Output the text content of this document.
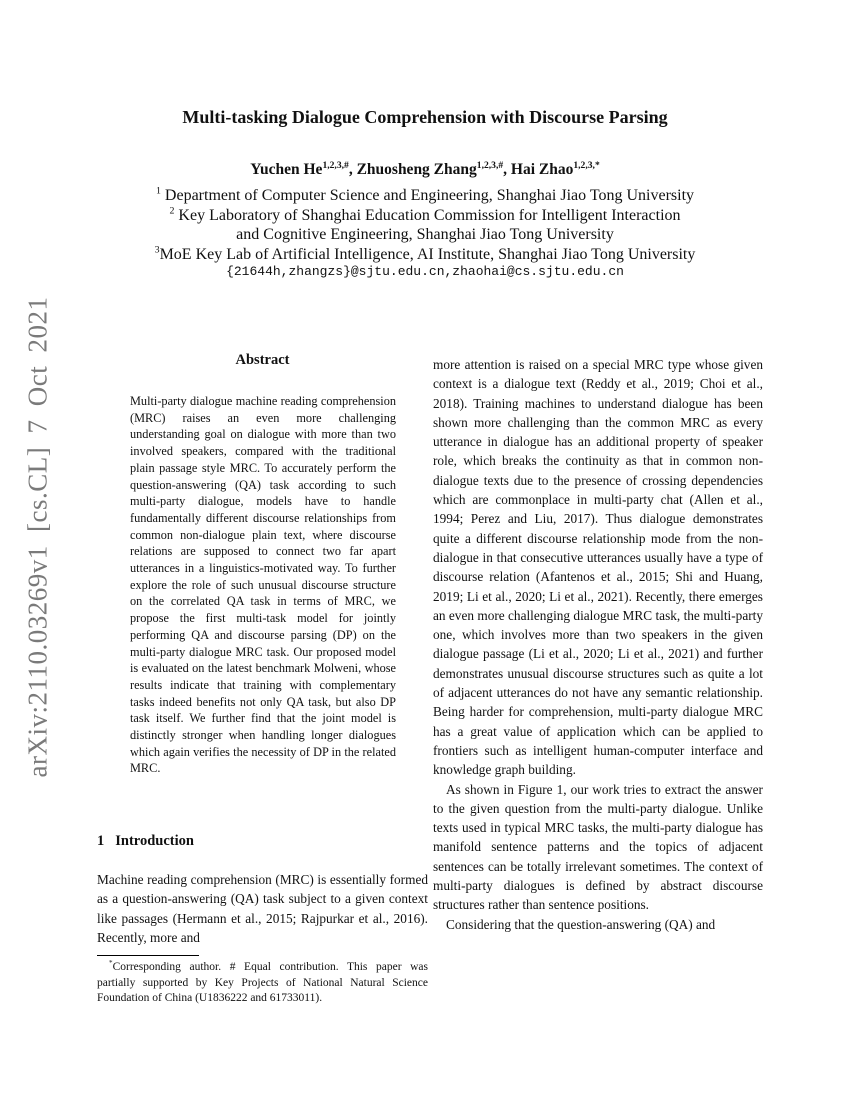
arXiv:2110.03269v1 [cs.CL] 7 Oct 2021
Multi-tasking Dialogue Comprehension with Discourse Parsing
Yuchen $He^{1,2,3,\#}$, Zhuosheng Zhang$^{1,2,3,\#}$, Hai Zhao$^{1,2,3,*}$
$^1$ Department of Computer Science and Engineering, Shanghai Jiao Tong University
$^2$ Key Laboratory of Shanghai Education Commission for Intelligent Interaction
and Cognitive Engineering, Shanghai Jiao Tong University
$^3$MoE Key Lab of Artificial Intelligence, AI Institute, Shanghai Jiao Tong University
{21644h,zhangzs}@sjtu.edu.cn,zhaohai@cs.sjtu.edu.cn
Abstract

Multi-party dialogue machine reading comprehension (MRC) raises an even more challenging understanding goal on dialogue with more than two involved speakers, compared with the traditional plain passage style MRC. To accurately perform the question-answering (QA) task according to such multi-party dialogue, models have to handle fundamentally different discourse relationships from common non-dialogue plain text, where discourse relations are supposed to connect two far apart utterances in a linguistics-motivated way. To further explore the role of such unusual discourse structure on the correlated QA task in terms of MRC, we propose the first multi-task model for jointly performing QA and discourse parsing (DP) on the multi-party dialogue MRC task. Our proposed model is evaluated on the latest benchmark Molweni, whose results indicate that training with complementary tasks indeed benefits not only QA task, but also DP task itself. We further find that the joint model is distinctly stronger when handling longer dialogues which again verifies the necessity of DP in the related MRC.

1 Introduction

Machine reading comprehension (MRC) is essentially formed as a question-answering (QA) task subject to a given context like passages (Hermann et al., 2015; Rajpurkar et al., 2016). Recently, more and

*Corresponding author. # Equal contribution. This paper was partially supported by Key Projects of National Natural Science Foundation of China (U1836222 and 61733011).

more attention is raised on a special MRC type whose given context is a dialogue text (Reddy et al., 2019; Choi et al., 2018). Training machines to understand dialogue has been shown more challenging than the common MRC as every utterance in dialogue has an additional property of speaker role, which breaks the continuity as that in common non-dialogue texts due to the presence of crossing dependencies which are commonplace in multi-party chat (Allen et al., 1994; Perez and Liu, 2017). Thus dialogue demonstrates quite a different discourse relationship mode from the non-dialogue in that consecutive utterances usually have a type of discourse relation (Afantenos et al., 2015; Shi and Huang, 2019; Li et al., 2020; Li et al., 2021). Recently, there emerges an even more challenging dialogue MRC task, the multi-party one, which involves more than two speakers in the given dialogue passage (Li et al., 2020; Li et al., 2021) and further demonstrates unusual discourse structures such as quite a lot of adjacent utterances do not have any semantic relationship. Being harder for comprehension, multi-party dialogue MRC has a great value of application which can be applied to frontiers such as intelligent human-computer interface and knowledge graph building.

As shown in Figure 1, our work tries to extract the answer to the given question from the multi-party dialogue. Unlike texts used in typical MRC tasks, the multi-party dialogue has manifold sentence patterns and the topics of adjacent sentences can be totally irrelevant sometimes. The context of multi-party dialogues is defined by abstract discourse structures rather than sentence positions.

Considering that the question-answering (QA) and
